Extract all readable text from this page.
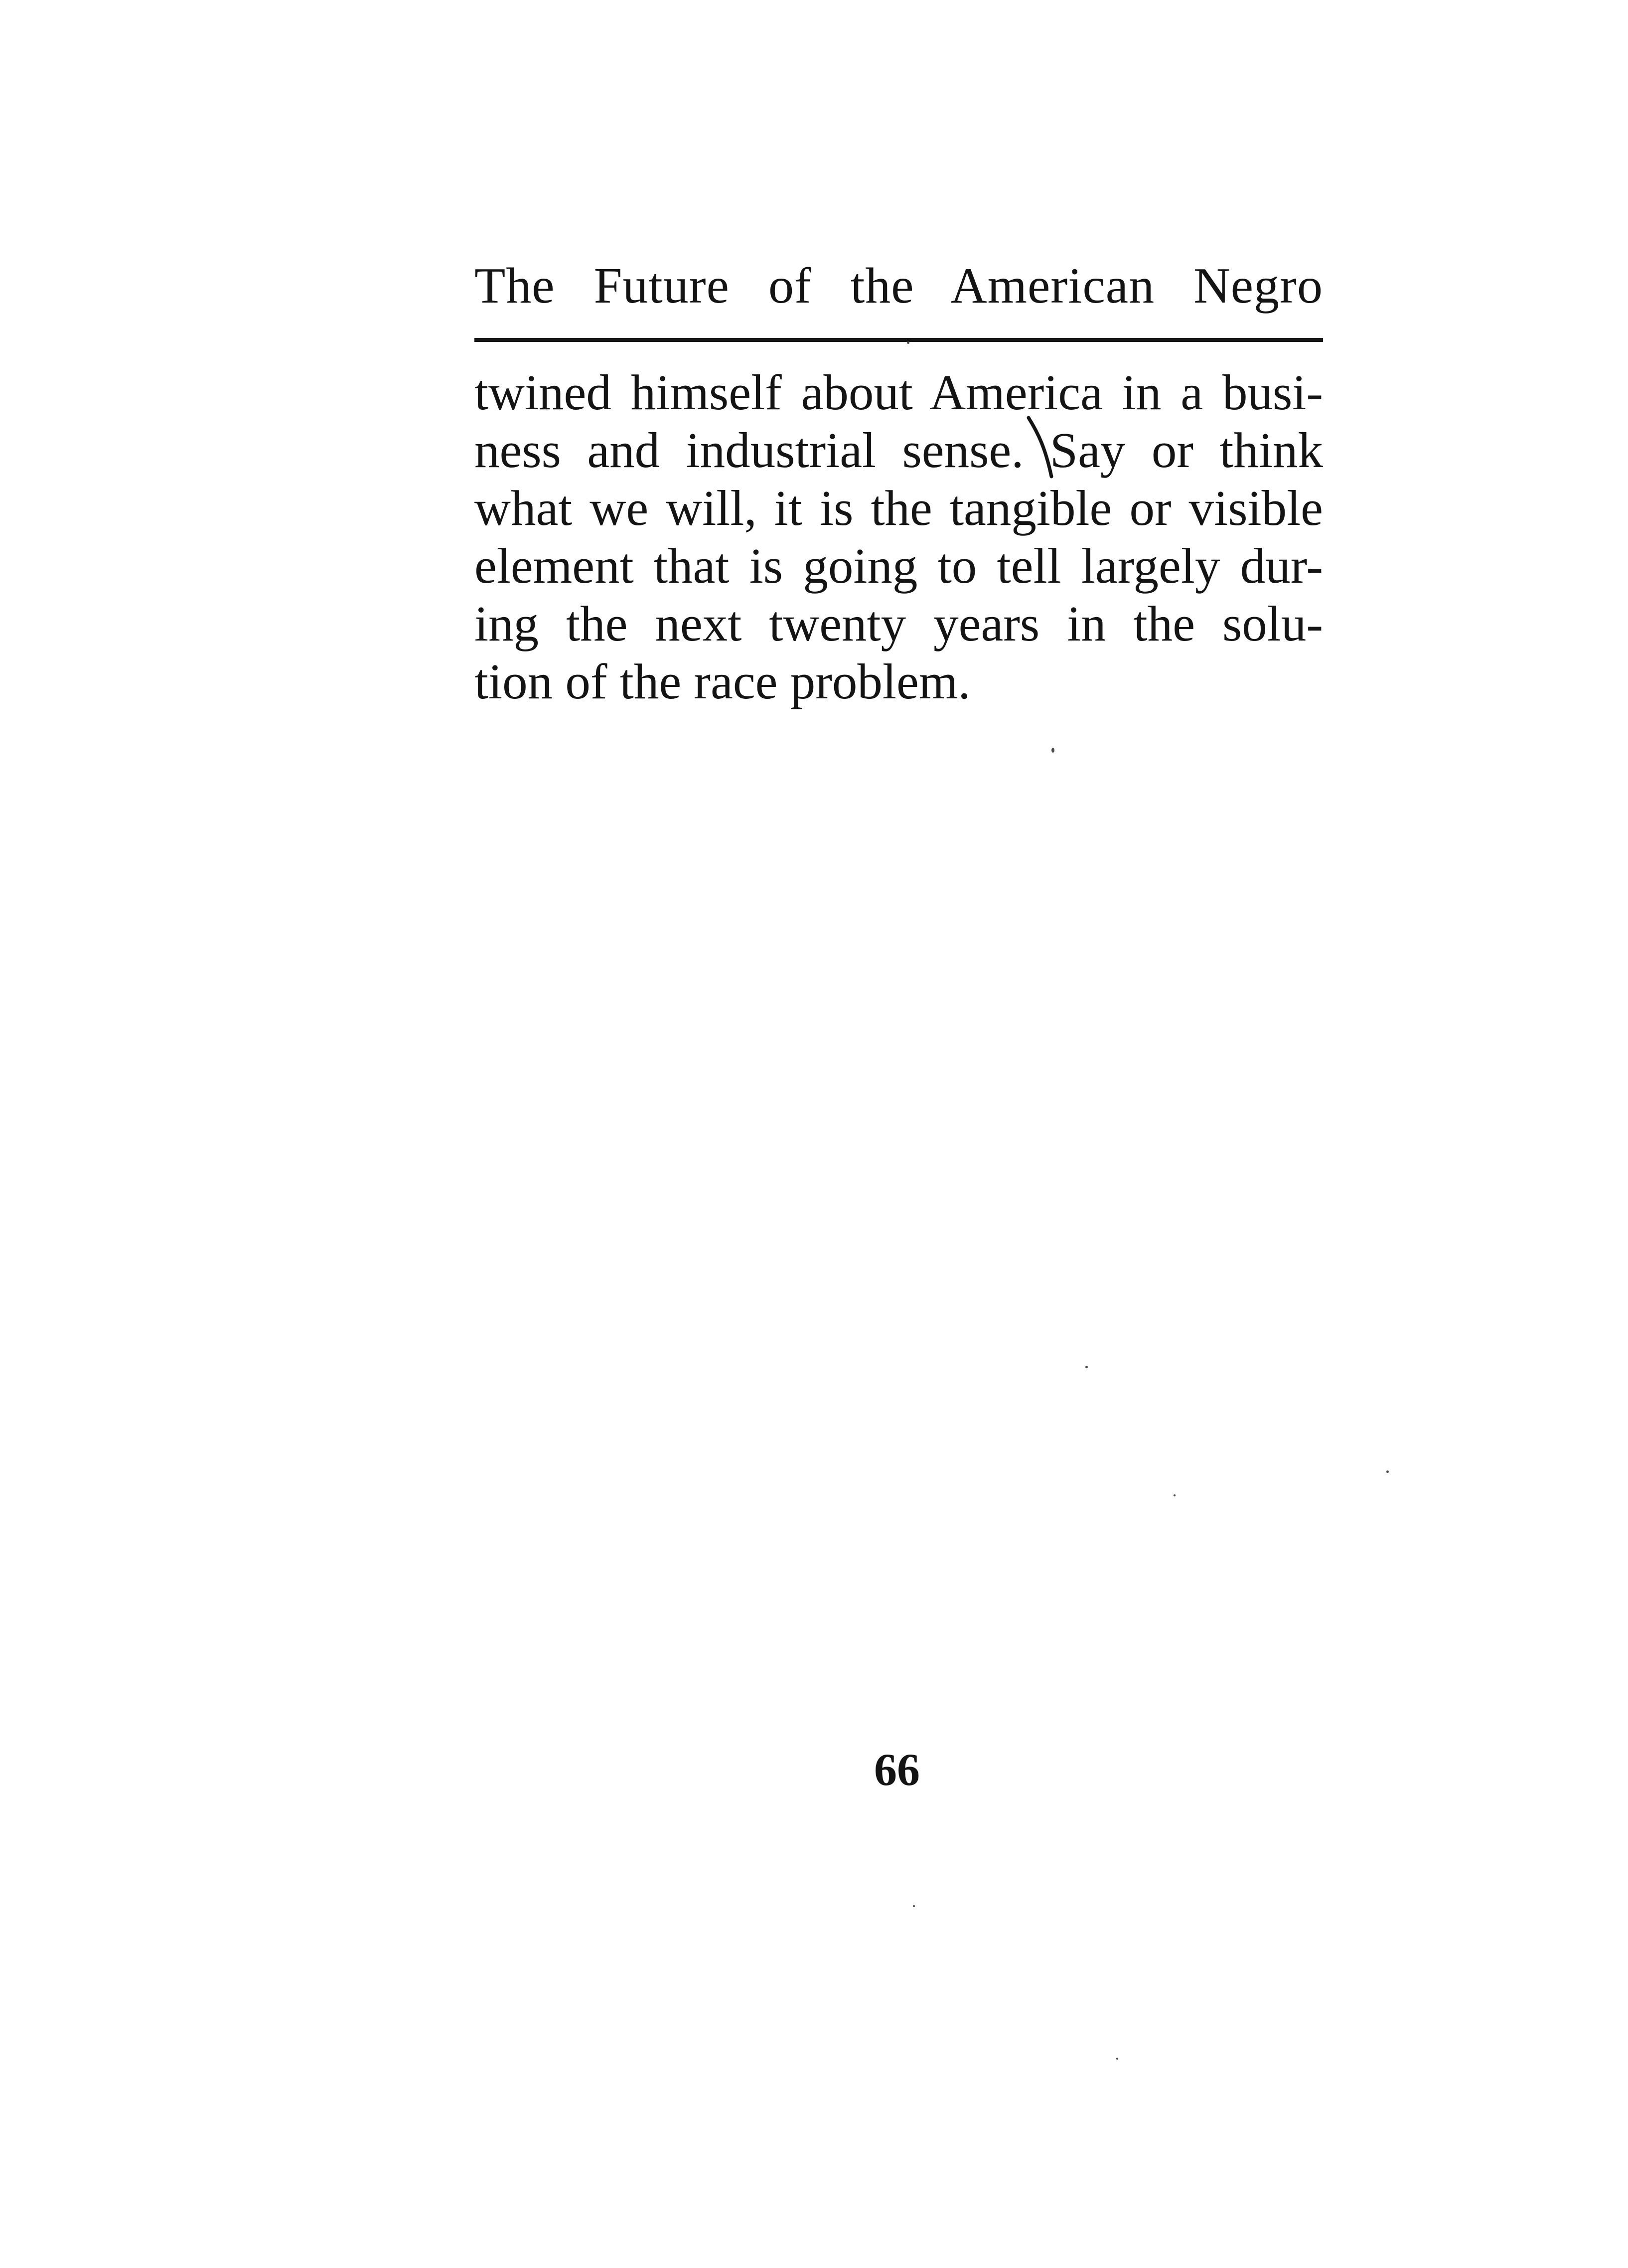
The Future of the American Negro
twined himself about America in a busi-
ness and industrial sense. Say or think
what we will, it is the tangible or visible
element that is going to tell largely dur-
ing the next twenty years in the solu-
tion of the race problem.
66
